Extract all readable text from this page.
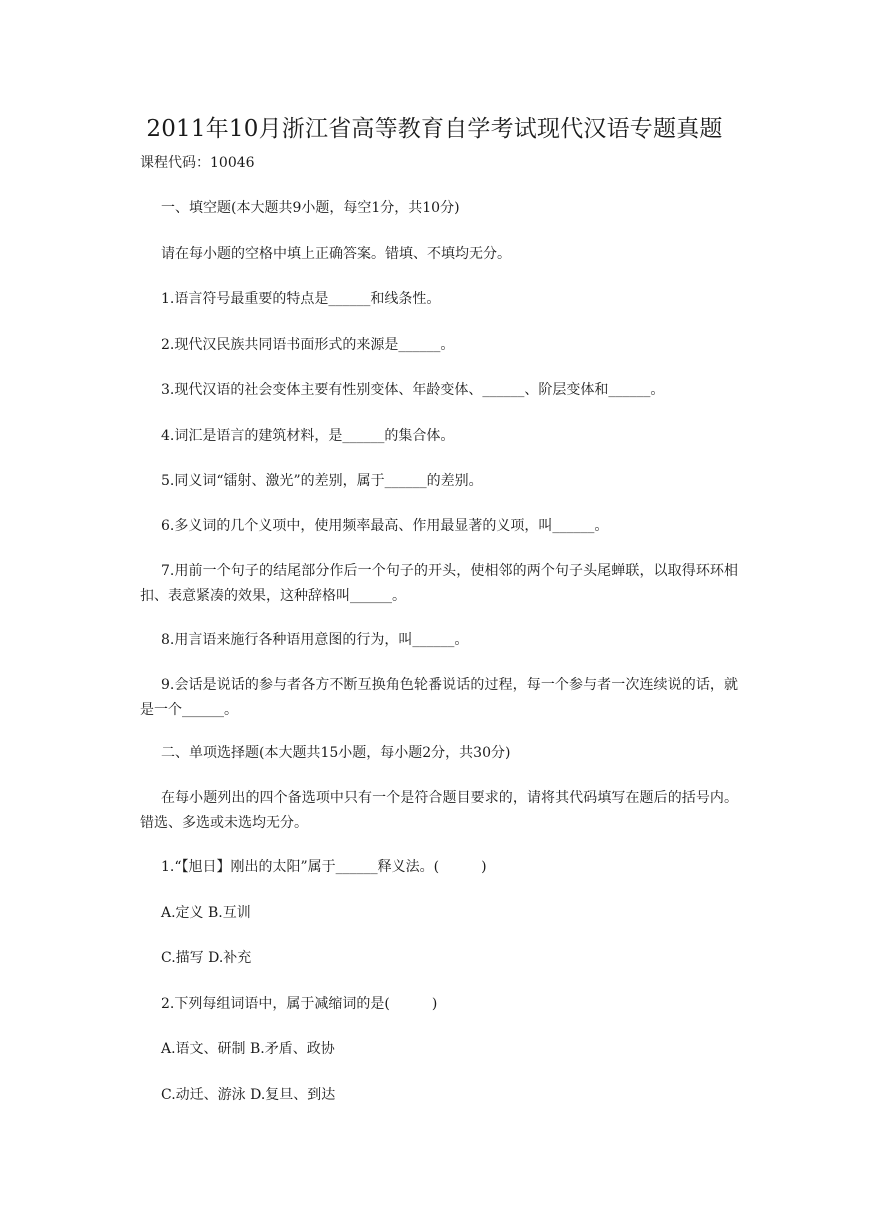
2011年10月浙江省高等教育自学考试现代汉语专题真题
课程代码：10046
一、填空题(本大题共9小题，每空1分，共10分)
请在每小题的空格中填上正确答案。错填、不填均无分。
1.语言符号最重要的特点是______和线条性。
2.现代汉民族共同语书面形式的来源是______。
3.现代汉语的社会变体主要有性别变体、年龄变体、______、阶层变体和______。
4.词汇是语言的建筑材料，是______的集合体。
5.同义词“镭射、激光”的差别，属于______的差别。
6.多义词的几个义项中，使用频率最高、作用最显著的义项，叫______。
7.用前一个句子的结尾部分作后一个句子的开头，使相邻的两个句子头尾蝉联，以取得环环相扣、表意紧凑的效果，这种辞格叫______。
8.用言语来施行各种语用意图的行为，叫______。
9.会话是说话的参与者各方不断互换角色轮番说话的过程，每一个参与者一次连续说的话，就是一个______。
二、单项选择题(本大题共15小题，每小题2分，共30分)
在每小题列出的四个备选项中只有一个是符合题目要求的，请将其代码填写在题后的括号内。错选、多选或未选均无分。
1.“【旭日】刚出的太阳”属于______释义法。(　　　)
A.定义 B.互训
C.描写 D.补充
2.下列每组词语中，属于减缩词的是(　　　)
A.语文、研制 B.矛盾、政协
C.动迁、游泳 D.复旦、到达
